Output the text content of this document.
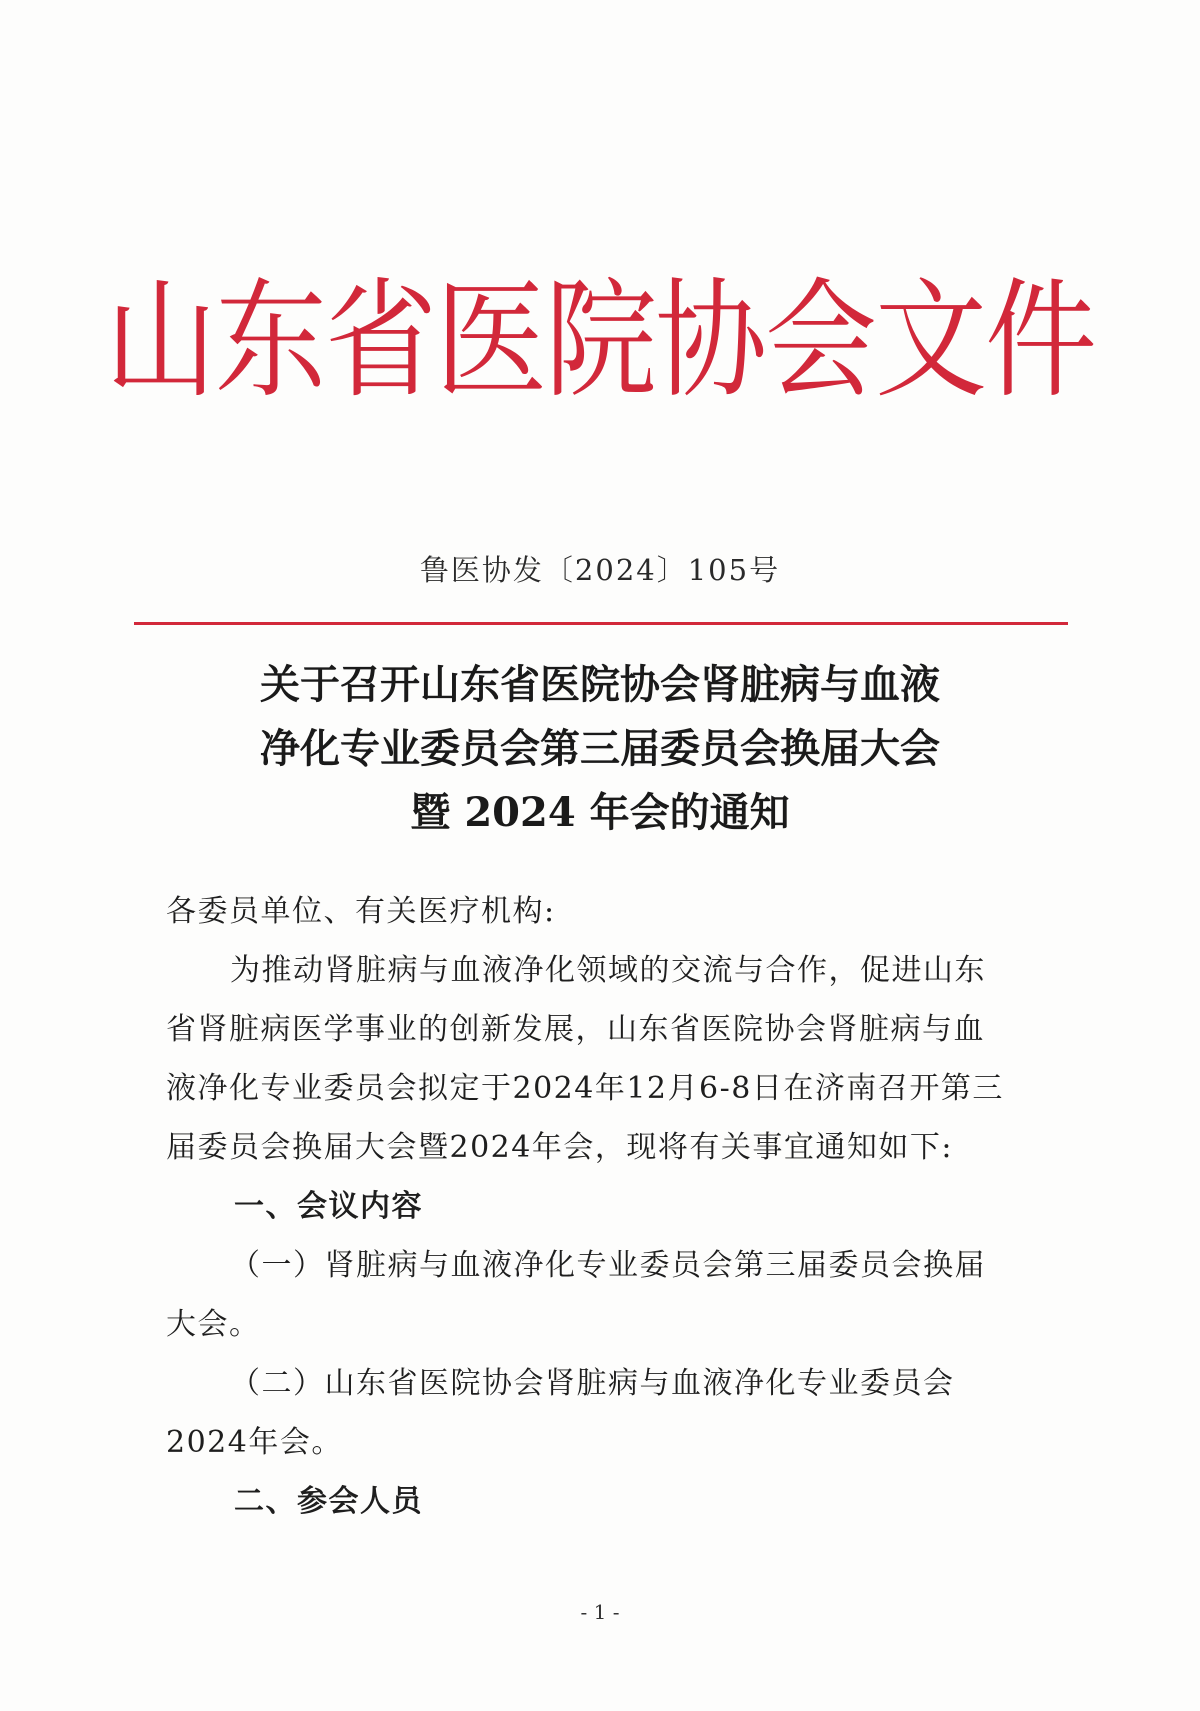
山东省医院协会文件
鲁医协发〔2024〕105号
关于召开山东省医院协会肾脏病与血液
净化专业委员会第三届委员会换届大会
暨 2024 年会的通知

各委员单位、有关医疗机构:

为推动肾脏病与血液净化领域的交流与合作，促进山东

省肾脏病医学事业的创新发展，山东省医院协会肾脏病与血

液净化专业委员会拟定于2024年12月6-8日在济南召开第三

届委员会换届大会暨2024年会，现将有关事宜通知如下:

一、会议内容

（一）肾脏病与血液净化专业委员会第三届委员会换届

大会。

（二）山东省医院协会肾脏病与血液净化专业委员会

2024年会。

二、参会人员

- 1 -
